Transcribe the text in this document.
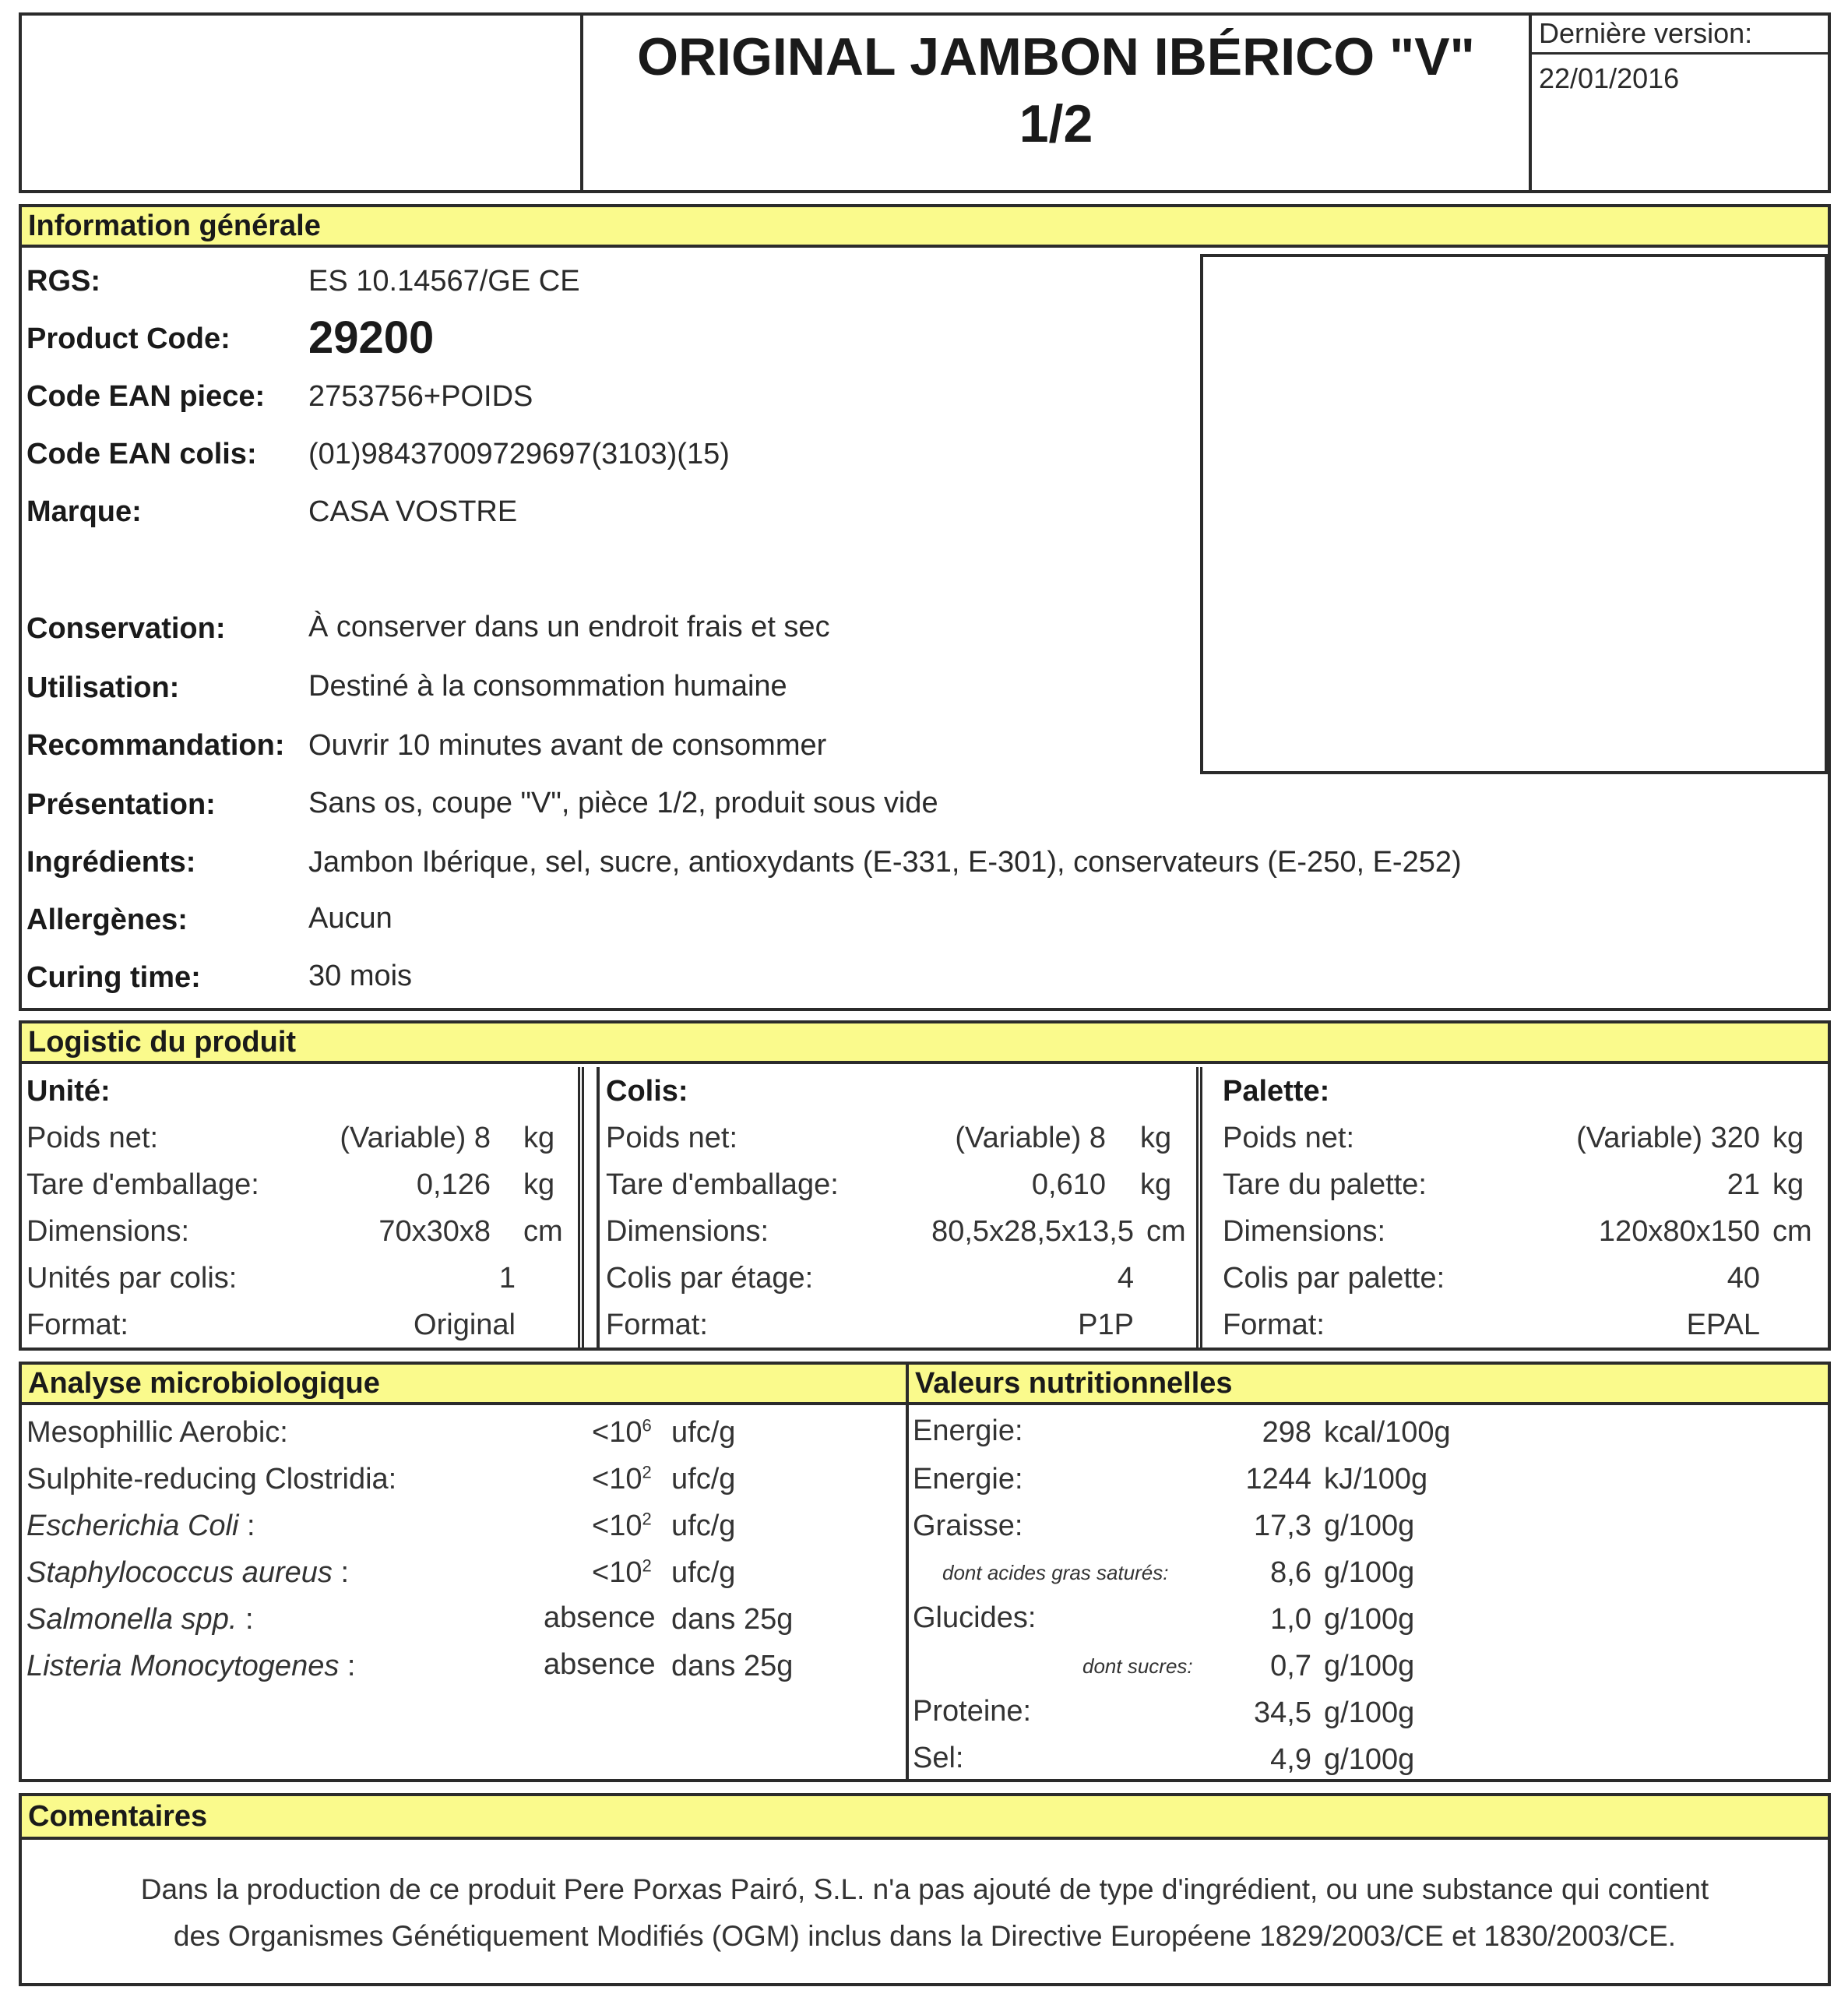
ORIGINAL JAMBON IBÉRICO "V"
1/2
Dernière version:
22/01/2016
Information générale
RGS:	ES 10.14567/GE CE
Product Code: 29200
Code EAN piece: 2753756+POIDS
Code EAN colis: (01)98437009729697(3103)(15)
Marque:	CASA VOSTRE
Conservation:	À conserver dans un endroit frais et sec
Utilisation:	Destiné à la consommation humaine
Recommandation: Ouvrir 10 minutes avant de consommer
Présentation:	Sans os, coupe "V", pièce 1/2, produit sous vide
Ingrédients:	Jambon Ibérique, sel, sucre, antioxydants (E-331, E-301), conservateurs (E-250, E-252)
Allergènes:	Aucun
Curing time:	30 mois
Logistic du produit
Unité:
Poids net:	(Variable) 8 kg
Tare d'emballage:	0,126 kg
Dimensions:	70x30x8 cm
Unités par colis:	1
Format:	Original
Colis:
Poids net:	(Variable) 8 kg
Tare d'emballage:	0,610 kg
Dimensions:	80,5x28,5x13,5 cm
Colis par étage:	4
Format:	P1P
Palette:
Poids net:	(Variable) 320 kg
Tare du palette:	21 kg
Dimensions:	120x80x150 cm
Colis par palette:	40
Format:	EPAL
Analyse microbiologique	Valeurs nutritionnelles
Mesophillic Aerobic:	$<10^6$ ufc/g
Sulphite-reducing Clostridia:	$<10^2$ ufc/g
Escherichia Coli :	$<10^2$ ufc/g
Staphylococcus aureus :	$<10^2$ ufc/g
Salmonella spp. :	absence dans 25g
Listeria Monocytogenes :	absence dans 25g
Energie:	298 kcal/100g
Energie:	1244 kJ/100g
Graisse:	17,3 g/100g
dont acides gras saturés:	8,6 g/100g
Glucides:	1,0 g/100g
dont sucres:	0,7 g/100g
Proteine:	34,5 g/100g
Sel:	4,9 g/100g
Comentaires
Dans la production de ce produit Pere Porxas Pairó, S.L. n'a pas ajouté de type d'ingrédient, ou une substance qui contient
des Organismes Génétiquement Modifiés (OGM) inclus dans la Directive Européene 1829/2003/CE et 1830/2003/CE.
